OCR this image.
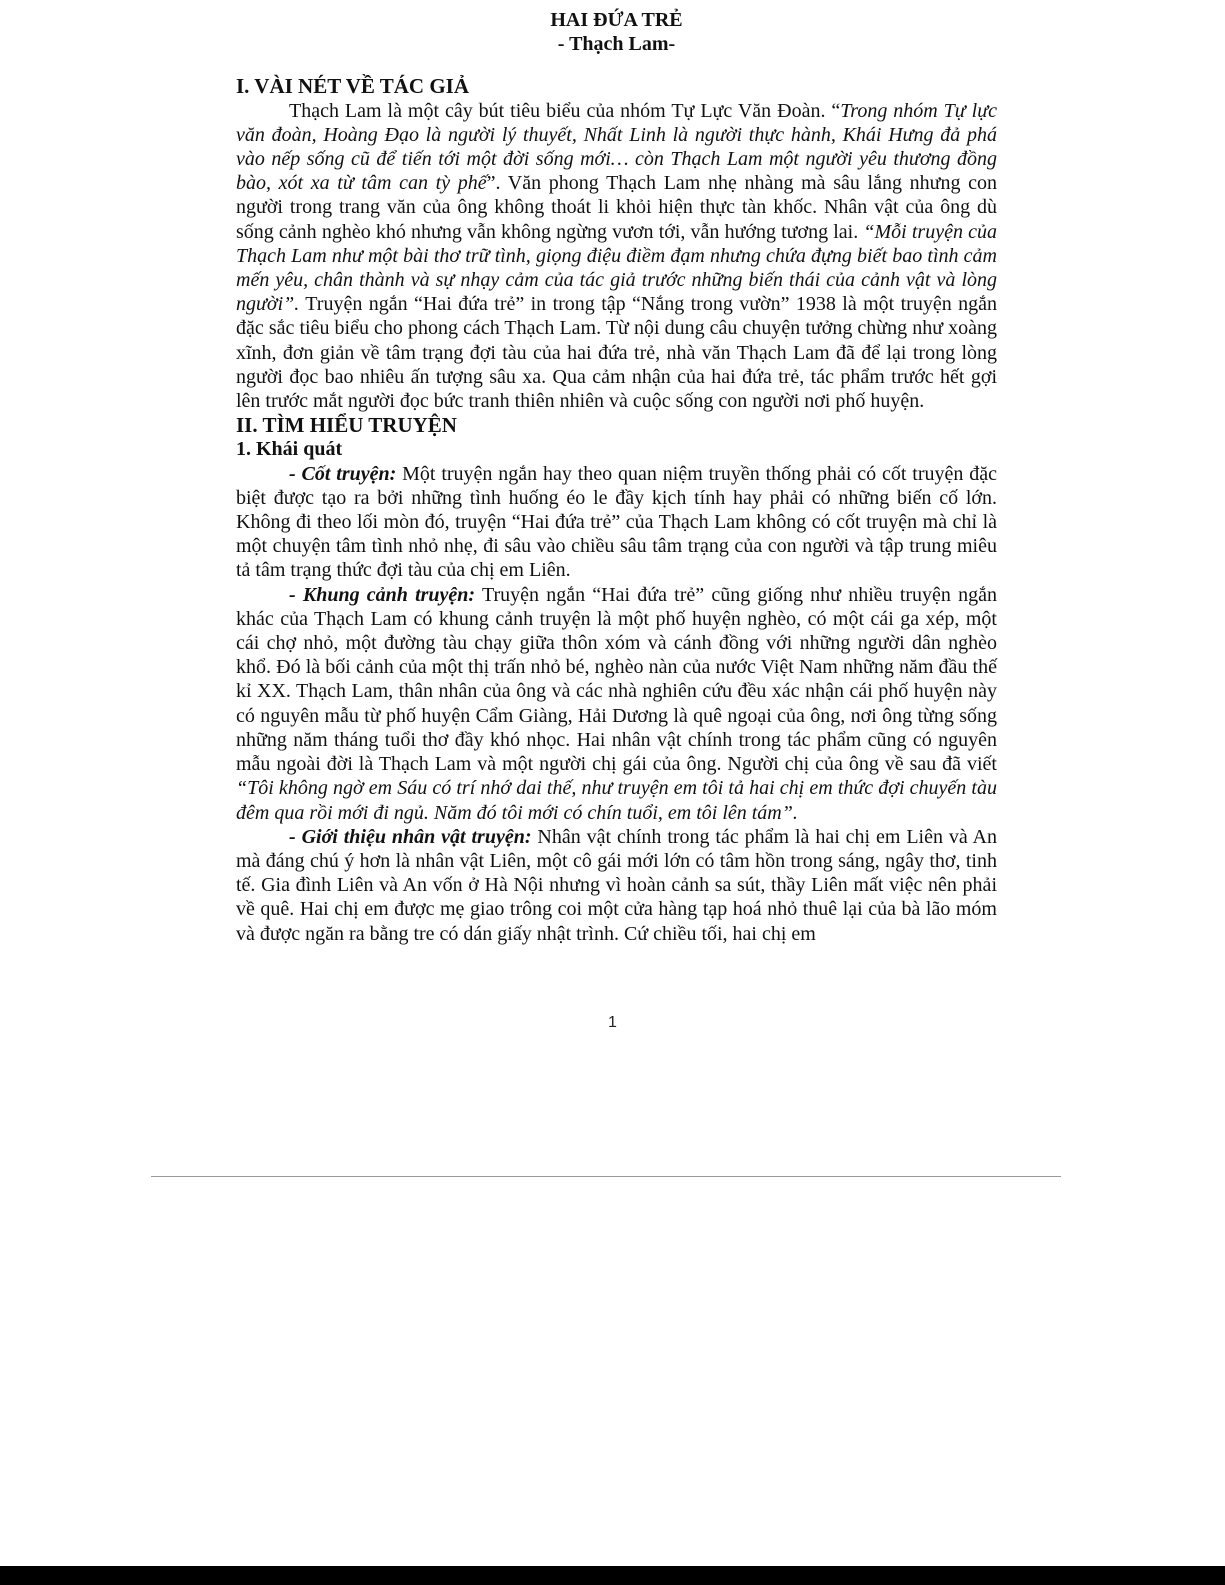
HAI ĐỨA TRẺ

- Thạch Lam-

I. VÀI NÉT VỀ TÁC GIẢ

Thạch Lam là một cây bút tiêu biểu của nhóm Tự Lực Văn Đoàn. “Trong nhóm Tự lực văn đoàn, Hoàng Đạo là người lý thuyết, Nhất Linh là người thực hành, Khái Hưng đả phá vào nếp sống cũ để tiến tới một đời sống mới… còn Thạch Lam một người yêu thương đồng bào, xót xa từ tâm can tỳ phế”. Văn phong Thạch Lam nhẹ nhàng mà sâu lắng nhưng con người trong trang văn của ông không thoát li khỏi hiện thực tàn khốc. Nhân vật của ông dù sống cảnh nghèo khó nhưng vẫn không ngừng vươn tới, vẫn hướng tương lai. “Mỗi truyện của Thạch Lam như một bài thơ trữ tình, giọng điệu điềm đạm nhưng chứa đựng biết bao tình cảm mến yêu, chân thành và sự nhạy cảm của tác giả trước những biến thái của cảnh vật và lòng người”. Truyện ngắn “Hai đứa trẻ” in trong tập “Nắng trong vườn” 1938 là một truyện ngắn đặc sắc tiêu biểu cho phong cách Thạch Lam. Từ nội dung câu chuyện tưởng chừng như xoàng xĩnh, đơn giản về tâm trạng đợi tàu của hai đứa trẻ, nhà văn Thạch Lam đã để lại trong lòng người đọc bao nhiêu ấn tượng sâu xa. Qua cảm nhận của hai đứa trẻ, tác phẩm trước hết gợi lên trước mắt người đọc bức tranh thiên nhiên và cuộc sống con người nơi phố huyện.

II. TÌM HIỂU TRUYỆN

1. Khái quát

- Cốt truyện: Một truyện ngắn hay theo quan niệm truyền thống phải có cốt truyện đặc biệt được tạo ra bởi những tình huống éo le đầy kịch tính hay phải có những biến cố lớn. Không đi theo lối mòn đó, truyện “Hai đứa trẻ” của Thạch Lam không có cốt truyện mà chỉ là một chuyện tâm tình nhỏ nhẹ, đi sâu vào chiều sâu tâm trạng của con người và tập trung miêu tả tâm trạng thức đợi tàu của chị em Liên.

- Khung cảnh truyện: Truyện ngắn “Hai đứa trẻ” cũng giống như nhiều truyện ngắn khác của Thạch Lam có khung cảnh truyện là một phố huyện nghèo, có một cái ga xép, một cái chợ nhỏ, một đường tàu chạy giữa thôn xóm và cánh đồng với những người dân nghèo khổ. Đó là bối cảnh của một thị trấn nhỏ bé, nghèo nàn của nước Việt Nam những năm đầu thế kỉ XX. Thạch Lam, thân nhân của ông và các nhà nghiên cứu đều xác nhận cái phố huyện này có nguyên mẫu từ phố huyện Cẩm Giàng, Hải Dương là quê ngoại của ông, nơi ông từng sống những năm tháng tuổi thơ đầy khó nhọc. Hai nhân vật chính trong tác phẩm cũng có nguyên mẫu ngoài đời là Thạch Lam và một người chị gái của ông. Người chị của ông về sau đã viết “Tôi không ngờ em Sáu có trí nhớ dai thế, như truyện em tôi tả hai chị em thức đợi chuyến tàu đêm qua rồi mới đi ngủ. Năm đó tôi mới có chín tuổi, em tôi lên tám”.

- Giới thiệu nhân vật truyện: Nhân vật chính trong tác phẩm là hai chị em Liên và An mà đáng chú ý hơn là nhân vật Liên, một cô gái mới lớn có tâm hồn trong sáng, ngây thơ, tinh tế. Gia đình Liên và An vốn ở Hà Nội nhưng vì hoàn cảnh sa sút, thầy Liên mất việc nên phải về quê. Hai chị em được mẹ giao trông coi một cửa hàng tạp hoá nhỏ thuê lại của bà lão móm và được ngăn ra bằng tre có dán giấy nhật trình. Cứ chiều tối, hai chị em

1
